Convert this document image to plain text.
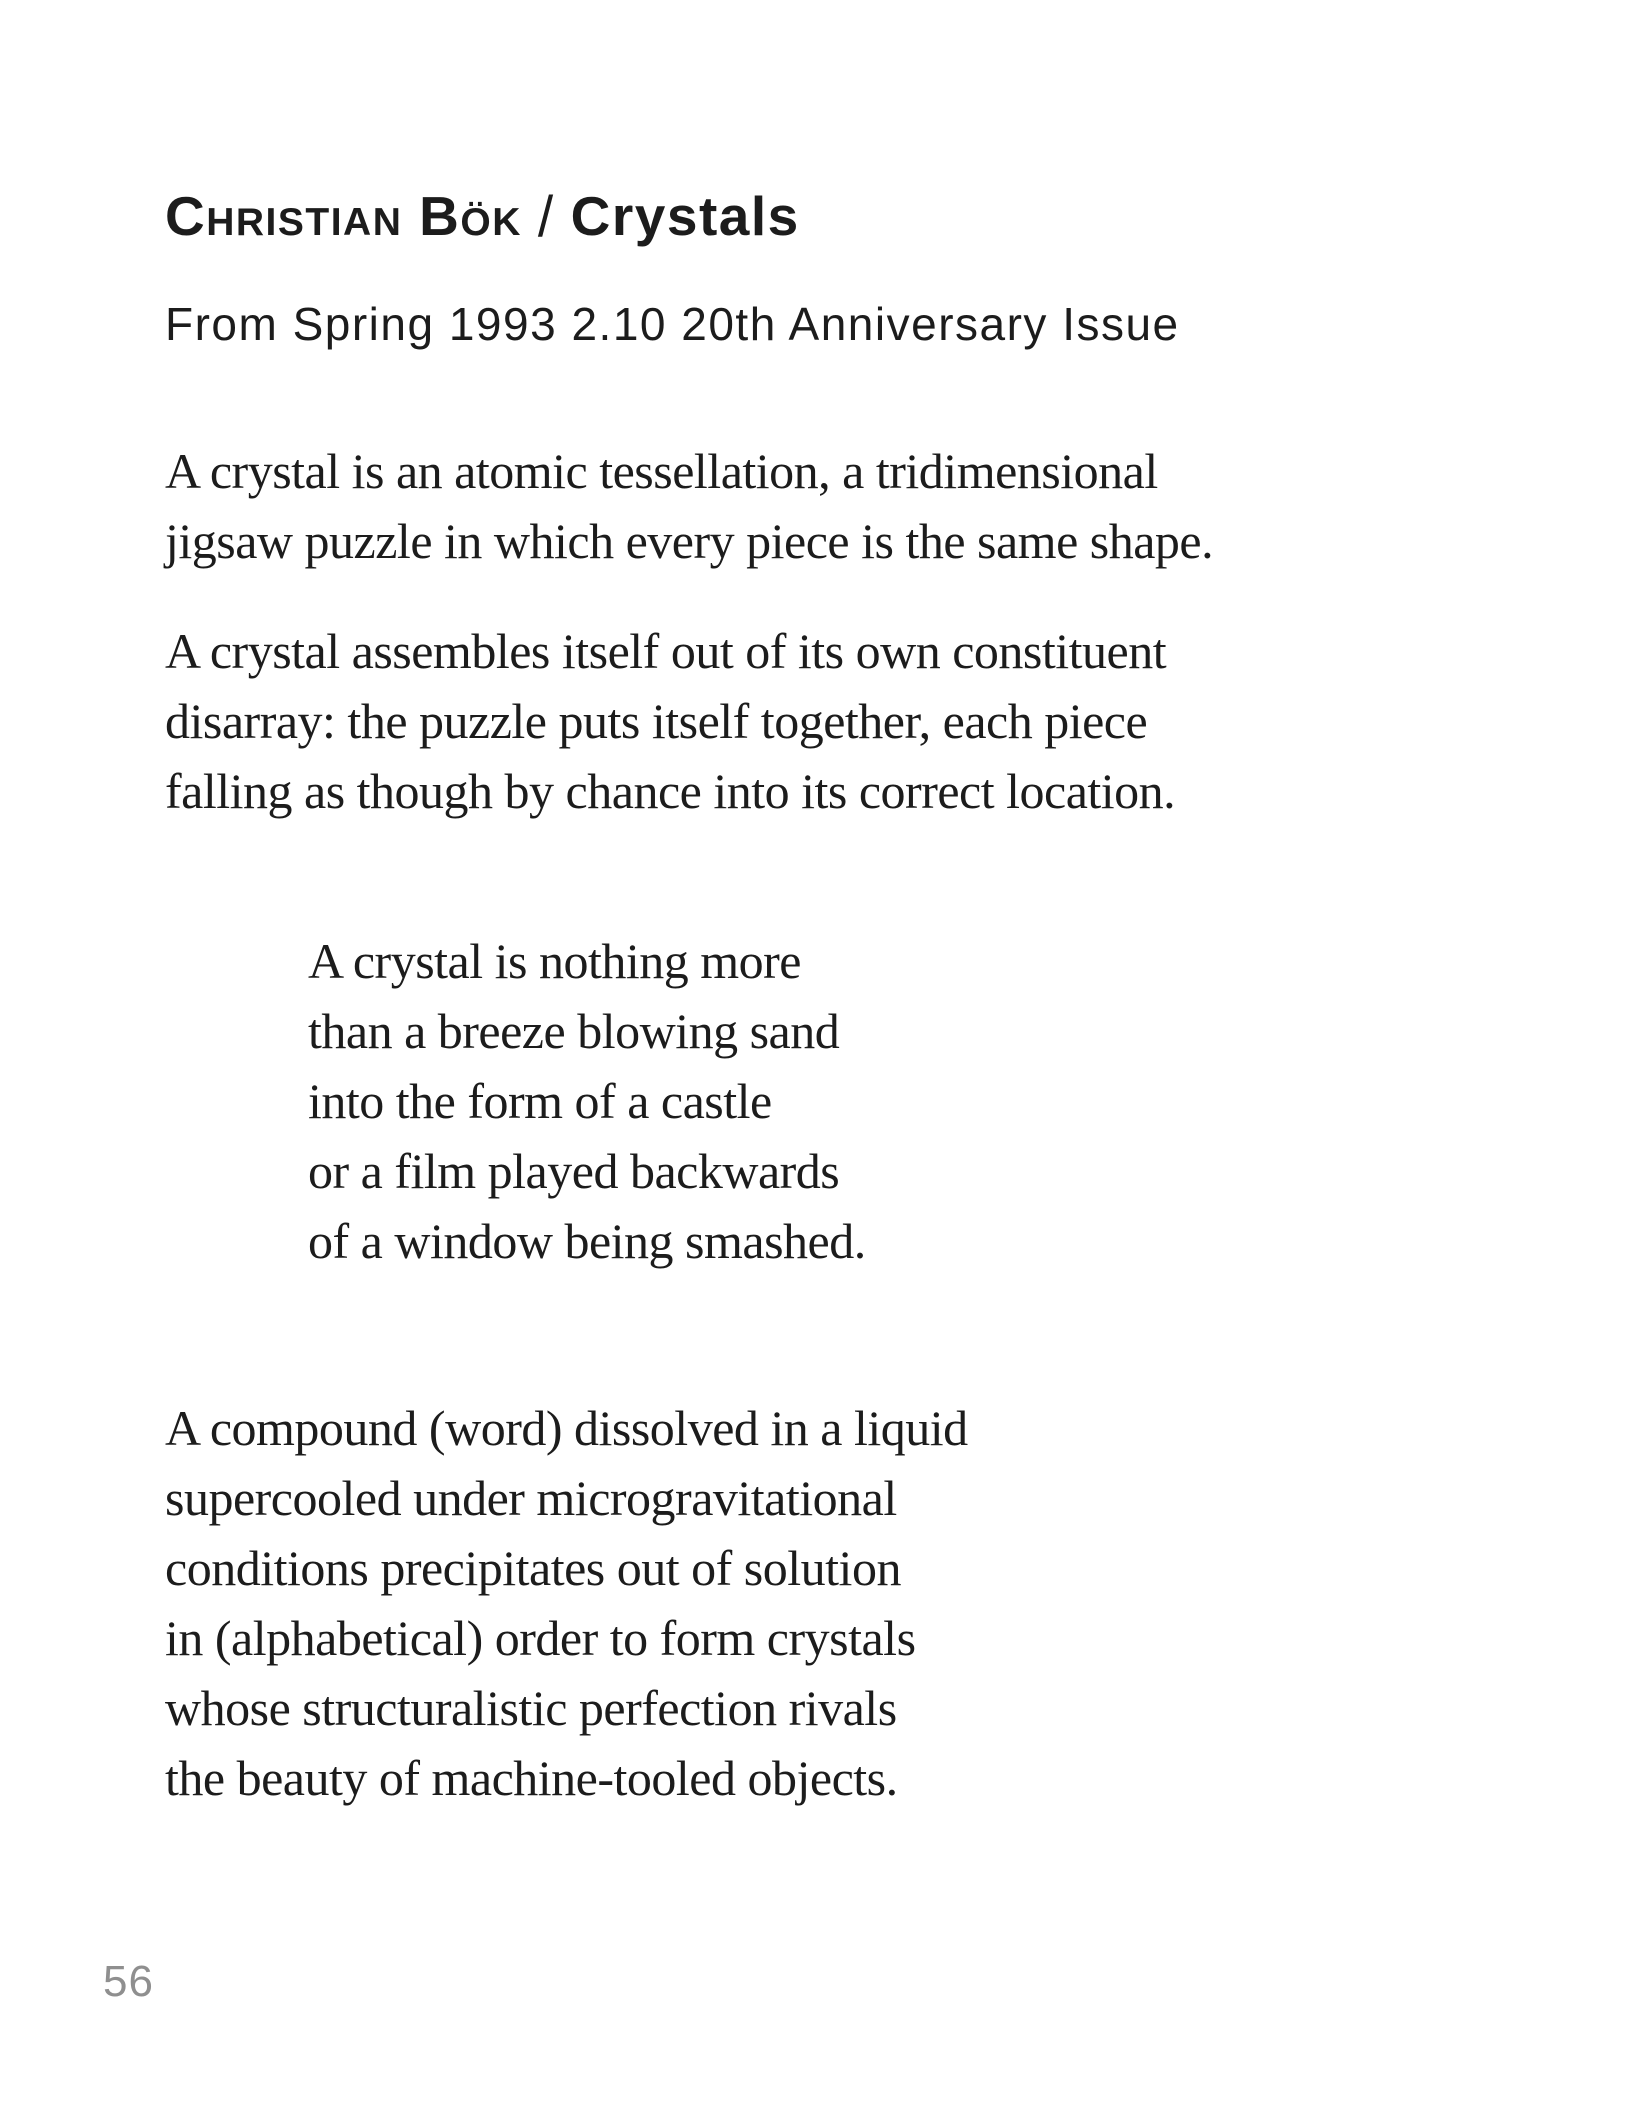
Christian Bök / Crystals
From Spring 1993 2.10 20th Anniversary Issue
A crystal is an atomic tessellation, a tridimensional
jigsaw puzzle in which every piece is the same shape.
A crystal assembles itself out of its own constituent
disarray: the puzzle puts itself together, each piece
falling as though by chance into its correct location.
A crystal is nothing more
than a breeze blowing sand
into the form of a castle
or a film played backwards
of a window being smashed.
A compound (word) dissolved in a liquid
supercooled under microgravitational
conditions precipitates out of solution
in (alphabetical) order to form crystals
whose structuralistic perfection rivals
the beauty of machine-tooled objects.
56
